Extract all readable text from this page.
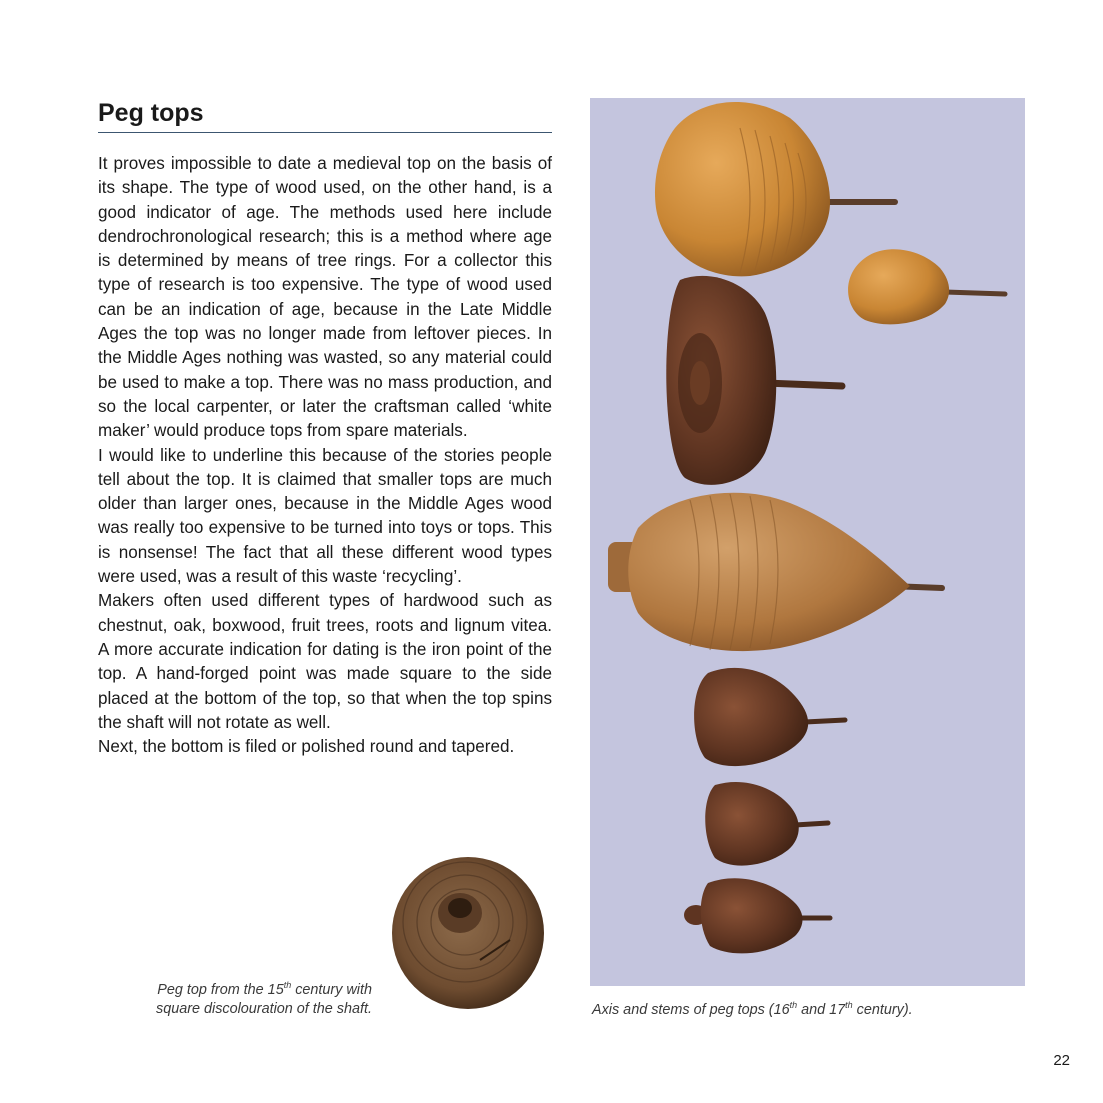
Peg tops

It proves impossible to date a medieval top on the basis of its shape. The type of wood used, on the other hand, is a good indicator of age. The methods used here include dendrochronological research; this is a method where age is determined by means of tree rings. For a collector this type of research is too expensive. The type of wood used can be an indication of age, because in the Late Middle Ages the top was no longer made from leftover pieces. In the Middle Ages nothing was wasted, so any material could be used to make a top. There was no mass production, and so the local carpenter, or later the craftsman called ‘white maker’ would produce tops from spare materials.

I would like to underline this because of the stories people tell about the top. It is claimed that smaller tops are much older than larger ones, because in the Middle Ages wood was really too expensive to be turned into toys or tops. This is nonsense! The fact that all these different wood types were used, was a result of this waste ‘recycling’.

Makers often used different types of hardwood such as chestnut, oak, boxwood, fruit trees, roots and lignum vitea. A more accurate indication for dating is the iron point of the top. A hand-forged point was made square to the side placed at the bottom of the top, so that when the top spins the shaft will not rotate as well.

Next, the bottom is filed or polished round and tapered.

Peg top from the 15th century with
square discolouration of the shaft.	Axis and stems of peg tops (16th and 17th century).
22
